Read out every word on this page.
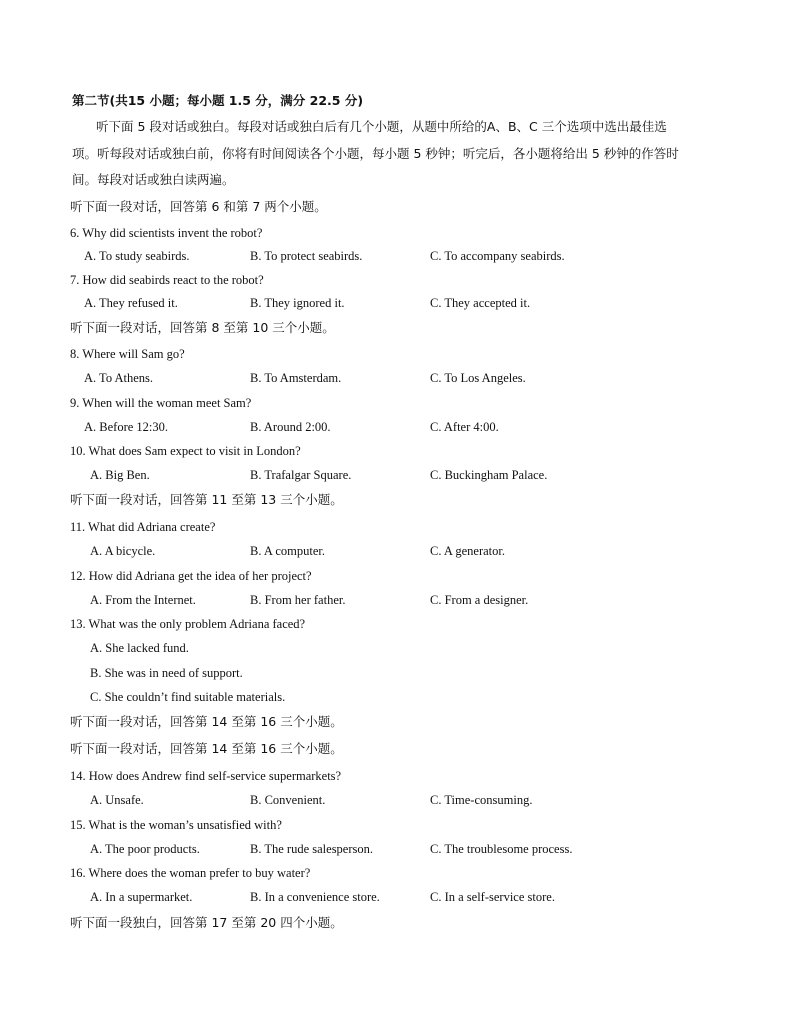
第二节(共15 小题；每小题 1.5 分，满分 22.5 分)
听下面 5 段对话或独白。每段对话或独白后有几个小题，从题中所给的A、B、C 三个选项中选出最佳选
项。听每段对话或独白前，你将有时间阅读各个小题，每小题 5 秒钟；听完后，各小题将给出 5 秒钟的作答时
间。每段对话或独白读两遍。
听下面一段对话，回答第 6 和第 7 两个小题。
6. Why did scientists invent the robot?
A. To study seabirds.	B. To protect seabirds.	C. To accompany seabirds.
7. How did seabirds react to the robot?
A. They refused it.	B. They ignored it.	C. They accepted it.
听下面一段对话，回答第 8 至第 10 三个小题。
8. Where will Sam go?
A. To Athens.	B. To Amsterdam.	C. To Los Angeles.
9. When will the woman meet Sam?
A. Before 12:30.	B. Around 2:00.	C. After 4:00.
10. What does Sam expect to visit in London?
A. Big Ben.	B. Trafalgar Square.	C. Buckingham Palace.
听下面一段对话，回答第 11 至第 13 三个小题。
11. What did Adriana create?
A. A bicycle.	B. A computer.	C. A generator.
12. How did Adriana get the idea of her project?
A. From the Internet.	B. From her father.	C. From a designer.
13. What was the only problem Adriana faced?
A. She lacked fund.
B. She was in need of support.
C. She couldn’t find suitable materials.
听下面一段对话，回答第 14 至第 16 三个小题。
听下面一段对话，回答第 14 至第 16 三个小题。
14. How does Andrew find self-service supermarkets?
A. Unsafe.	B. Convenient.	C. Time-consuming.
15. What is the woman’s unsatisfied with?
A. The poor products.	B. The rude salesperson.	C. The troublesome process.
16. Where does the woman prefer to buy water?
A. In a supermarket.	B. In a convenience store.	C. In a self-service store.
听下面一段独白，回答第 17 至第 20 四个小题。
